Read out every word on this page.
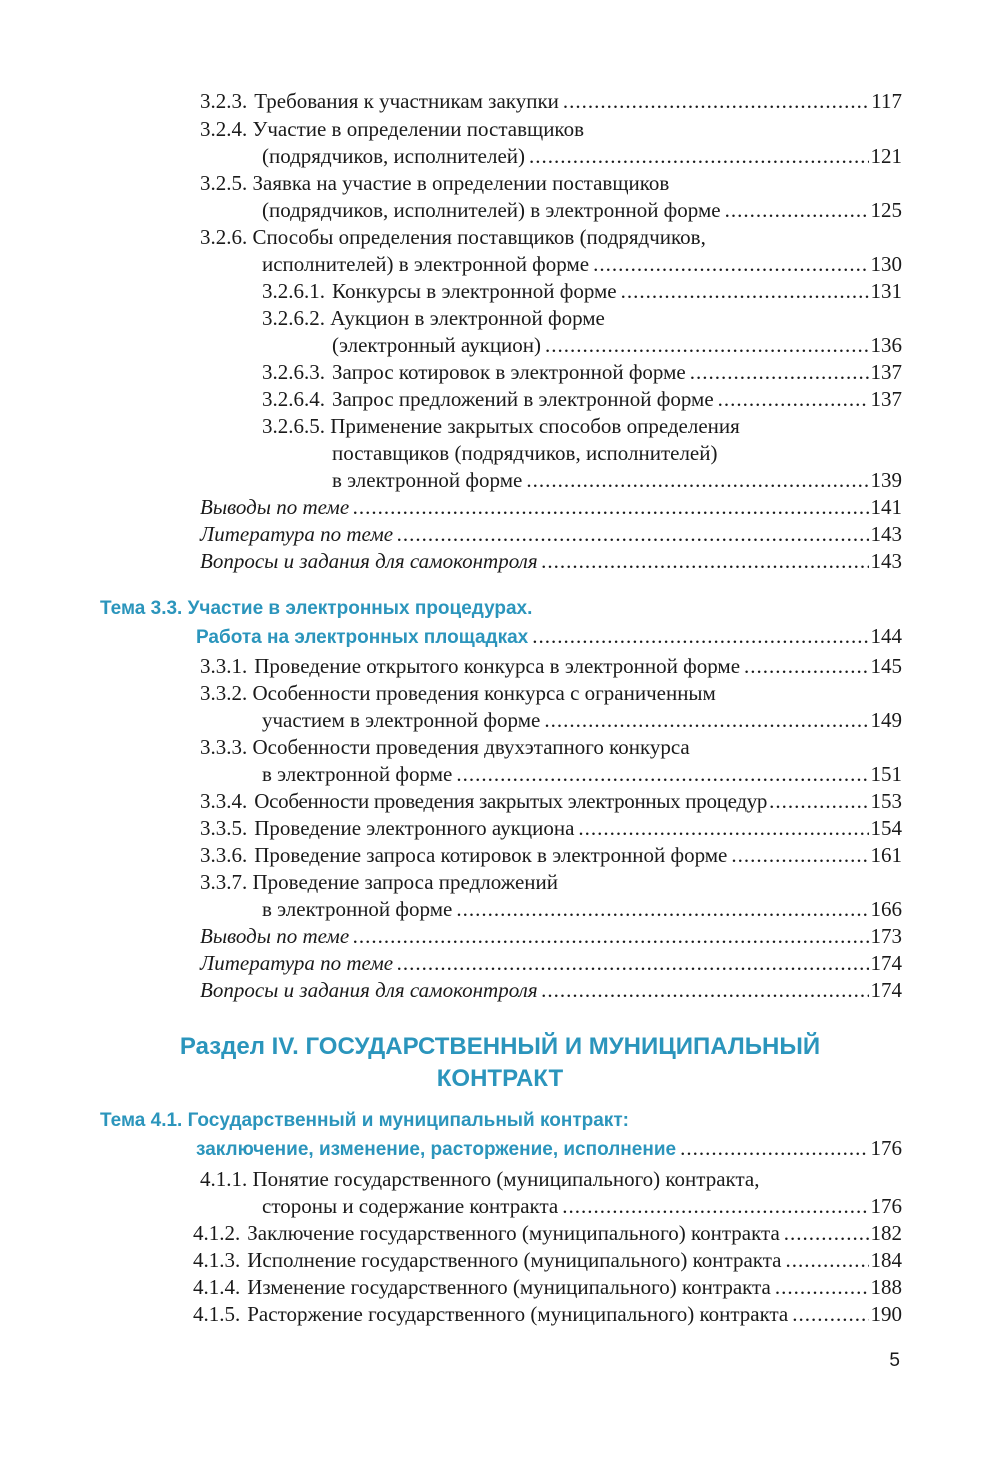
3.2.3. Требования к участникам закупки .....	117
3.2.4. Участие в определении поставщиков
(подрядчиков, исполнителей) .....	121
3.2.5. Заявка на участие в определении поставщиков
(подрядчиков, исполнителей) в электронной форме .....	125
3.2.6. Способы определения поставщиков (подрядчиков,
исполнителей) в электронной форме .....	130
3.2.6.1. Конкурсы в электронной форме .....	131
3.2.6.2. Аукцион в электронной форме
(электронный аукцион) .....	136
3.2.6.3. Запрос котировок в электронной форме .....	137
3.2.6.4. Запрос предложений в электронной форме .....	137
3.2.6.5. Применение закрытых способов определения
поставщиков (подрядчиков, исполнителей)
в электронной форме .....	139
Выводы по теме .....	141
Литература по теме .....	143
Вопросы и задания для самоконтроля .....	143
Тема 3.3. Участие в электронных процедурах.
Работа на электронных площадках .....	144
3.3.1. Проведение открытого конкурса в электронной форме .....	145
3.3.2. Особенности проведения конкурса с ограниченным
участием в электронной форме .....	149
3.3.3. Особенности проведения двухэтапного конкурса
в электронной форме .....	151
3.3.4. Особенности проведения закрытых электронных процедур .....	153
3.3.5. Проведение электронного аукциона .....	154
3.3.6. Проведение запроса котировок в электронной форме .....	161
3.3.7. Проведение запроса предложений
в электронной форме .....	166
Выводы по теме .....	173
Литература по теме .....	174
Вопросы и задания для самоконтроля .....	174
Раздел IV. ГОСУДАРСТВЕННЫЙ И МУНИЦИПАЛЬНЫЙ
КОНТРАКТ
Тема 4.1. Государственный и муниципальный контракт:
заключение, изменение, расторжение, исполнение .....	176
4.1.1. Понятие государственного (муниципального) контракта,
стороны и содержание контракта .....	176
4.1.2. Заключение государственного (муниципального) контракта .....	182
4.1.3. Исполнение государственного (муниципального) контракта .....	184
4.1.4. Изменение государственного (муниципального) контракта .....	188
4.1.5. Расторжение государственного (муниципального) контракта .....	190
5
